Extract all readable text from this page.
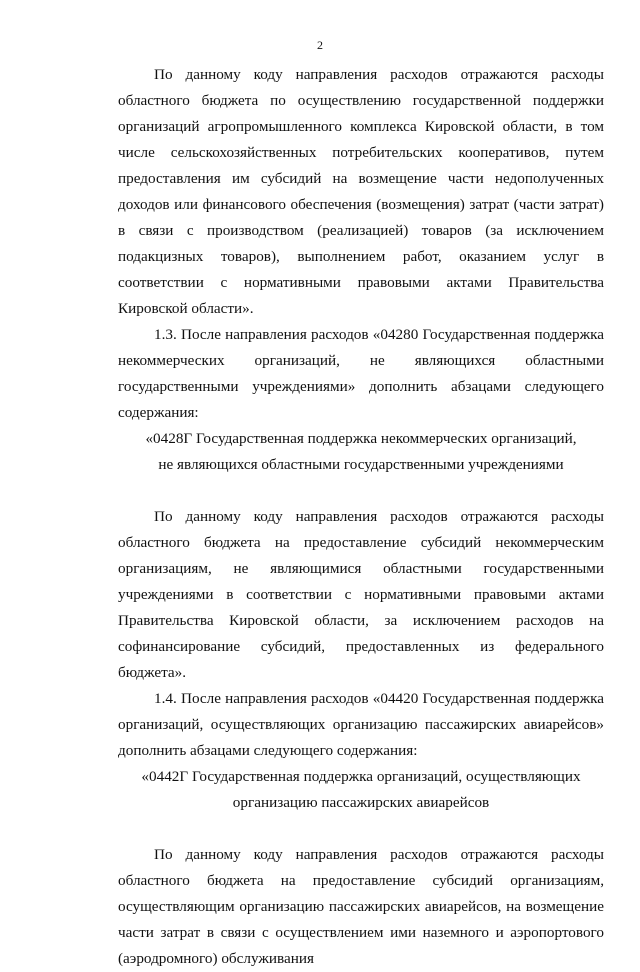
2

По данному коду направления расходов отражаются расходы областного бюджета по осуществлению государственной поддержки организаций агропромышленного комплекса Кировской области, в том числе сельскохозяйственных потребительских кооперативов, путем предоставления им субсидий на возмещение части недополученных доходов или финансового обеспечения (возмещения) затрат (части затрат) в связи с производством (реализацией) товаров (за исключением подакцизных товаров), выполнением работ, оказанием услуг в соответствии с нормативными правовыми актами Правительства Кировской области».

1.3. После направления расходов «04280 Государственная поддержка некоммерческих организаций, не являющихся областными государственными учреждениями» дополнить абзацами следующего содержания:

«0428Г Государственная поддержка некоммерческих организаций,
не являющихся областными государственными учреждениями

По данному коду направления расходов отражаются расходы областного бюджета на предоставление субсидий некоммерческим организациям, не являющимися областными государственными учреждениями в соответствии с нормативными правовыми актами Правительства Кировской области, за исключением расходов на софинансирование субсидий, предоставленных из федерального бюджета».

1.4. После направления расходов «04420 Государственная поддержка организаций, осуществляющих организацию пассажирских авиарейсов» дополнить абзацами следующего содержания:

«0442Г Государственная поддержка организаций, осуществляющих
организацию пассажирских авиарейсов

По данному коду направления расходов отражаются расходы областного бюджета на предоставление субсидий организациям, осуществляющим организацию пассажирских авиарейсов, на возмещение части затрат в связи с осуществлением ими наземного и аэропортового (аэродромного) обслуживания
